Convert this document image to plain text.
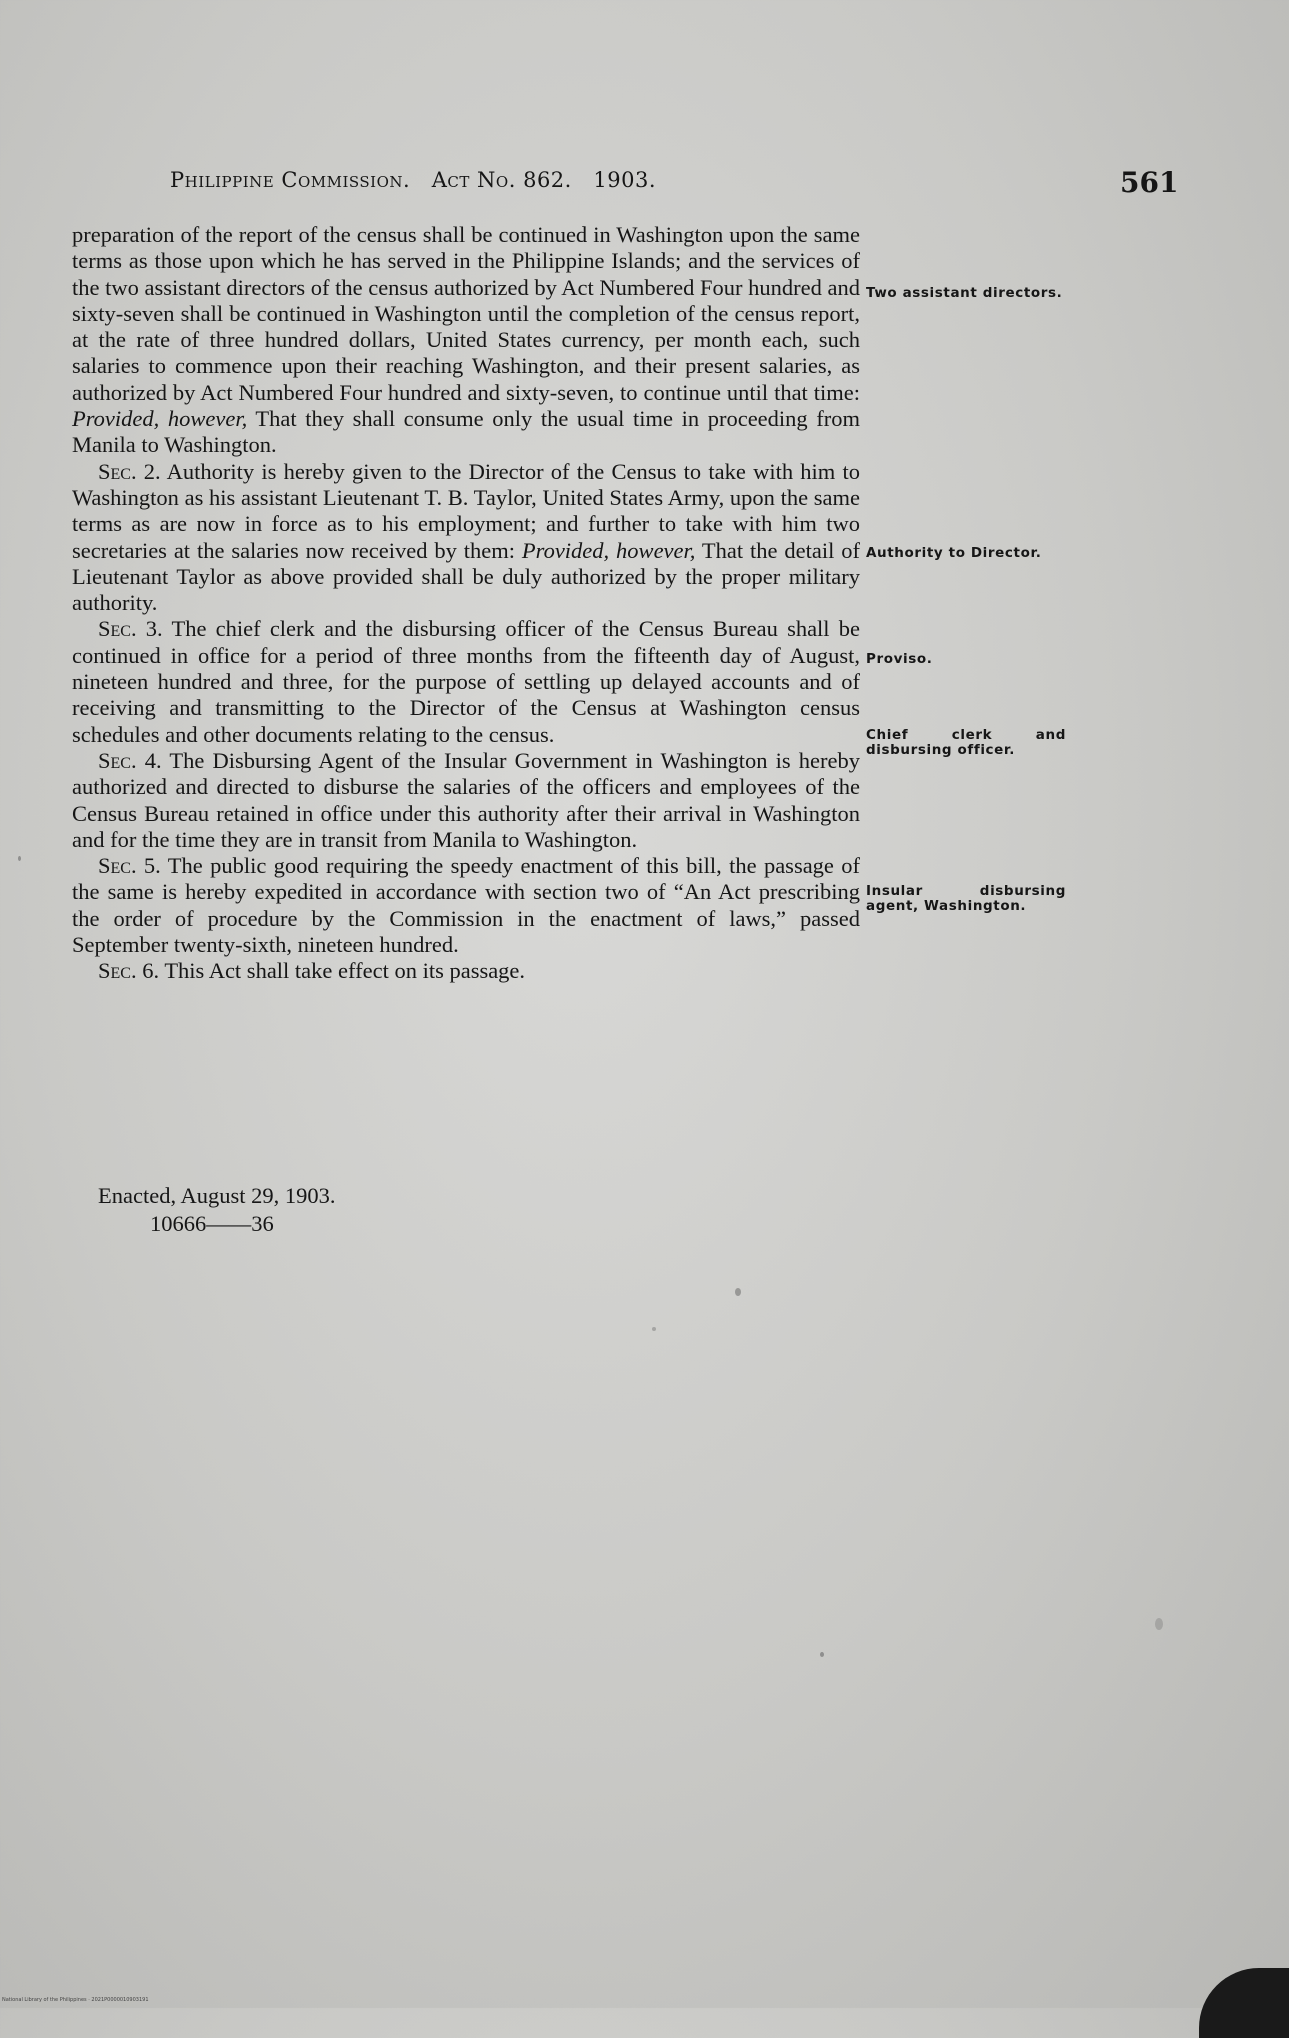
Philippine Commission. Act No. 862. 1903.	561

preparation of the report of the census shall be continued in Washington upon the same terms as those upon which he has served in the Philippine Islands; and the services of the two assistant directors of the census authorized by Act Numbered Four hundred and sixty-seven shall be continued in Washington until the completion of the census report, at the rate of three hundred dollars, United States currency, per month each, such salaries to commence upon their reaching Washington, and their present salaries, as authorized by Act Numbered Four hundred and sixty-seven, to continue until that time: Provided, however, That they shall consume only the usual time in proceeding from Manila to Washington.

Sec. 2. Authority is hereby given to the Director of the Census to take with him to Washington as his assistant Lieutenant T. B. Taylor, United States Army, upon the same terms as are now in force as to his employment; and further to take with him two secretaries at the salaries now received by them: Provided, however, That the detail of Lieutenant Taylor as above provided shall be duly authorized by the proper military authority.

Sec. 3. The chief clerk and the disbursing officer of the Census Bureau shall be continued in office for a period of three months from the fifteenth day of August, nineteen hundred and three, for the purpose of settling up delayed accounts and of receiving and transmitting to the Director of the Census at Washington census schedules and other documents relating to the census.

Sec. 4. The Disbursing Agent of the Insular Government in Washington is hereby authorized and directed to disburse the salaries of the officers and employees of the Census Bureau retained in office under this authority after their arrival in Washington and for the time they are in transit from Manila to Washington.

Sec. 5. The public good requiring the speedy enactment of this bill, the passage of the same is hereby expedited in accordance with section two of “An Act prescribing the order of procedure by the Commission in the enactment of laws,” passed September twenty-sixth, nineteen hundred.

Sec. 6. This Act shall take effect on its passage.

Enacted, August 29, 1903.
10666——36
Two assistant directors.
Authority to Director.
Proviso.
Chief clerk and disbursing officer.
Insular disbursing agent, Washington.
National Library of the Philippines · 2021P0000010903191
